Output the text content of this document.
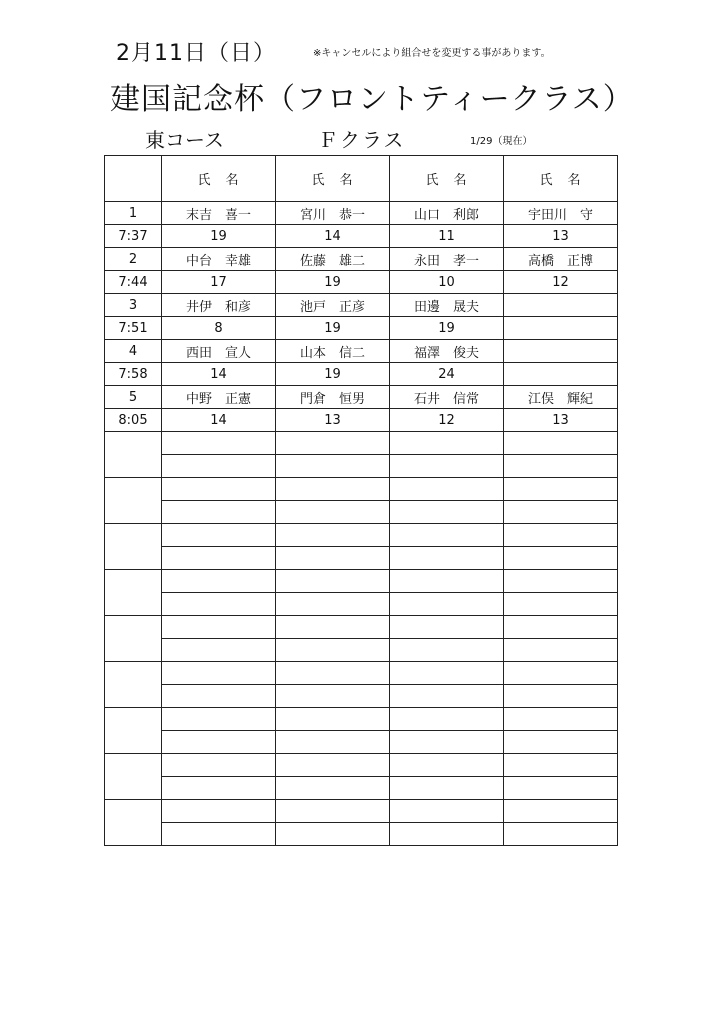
2月11日（日）	※キャンセルにより組合せを変更する事があります。
建国記念杯（フロントティークラス）
東コース	Ｆクラス	1/29（現在）
	氏　名	氏　名	氏　名	氏　名
1	末吉　喜一	宮川　恭一	山口　利郎	宇田川　守
7:37	19	14	11	13
2	中台　幸雄	佐藤　雄二	永田　孝一	高橋　正博
7:44	17	19	10	12
3	井伊　和彦	池戸　正彦	田邊　晟夫	
7:51	8	19	19	
4	西田　宣人	山本　信二	福澤　俊夫	
7:58	14	19	24	
5	中野　正憲	門倉　恒男	石井　信常	江俣　輝紀
8:05	14	13	12	13
